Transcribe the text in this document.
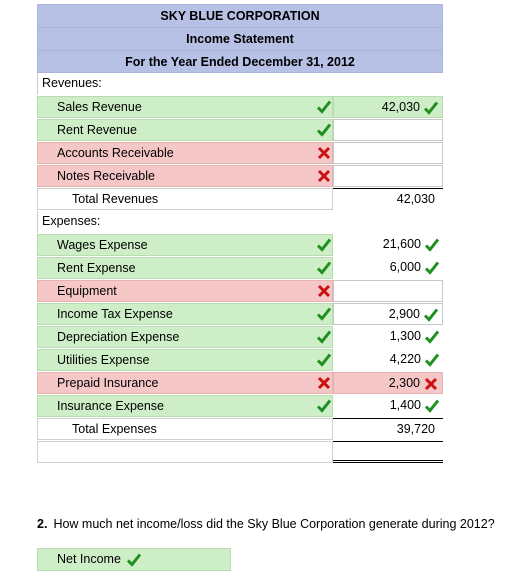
SKY BLUE CORPORATION
Income Statement
For the Year Ended December 31, 2012
Revenues:
Sales Revenue	42,030
Rent Revenue
Accounts Receivable
Notes Receivable
Total Revenues	42,030
Expenses:
Wages Expense	21,600
Rent Expense	6,000
Equipment
Income Tax Expense	2,900
Depreciation Expense	1,300
Utilities Expense	4,220
Prepaid Insurance	2,300
Insurance Expense	1,400
Total Expenses	39,720
2. How much net income/loss did the Sky Blue Corporation generate during 2012?
Net Income
